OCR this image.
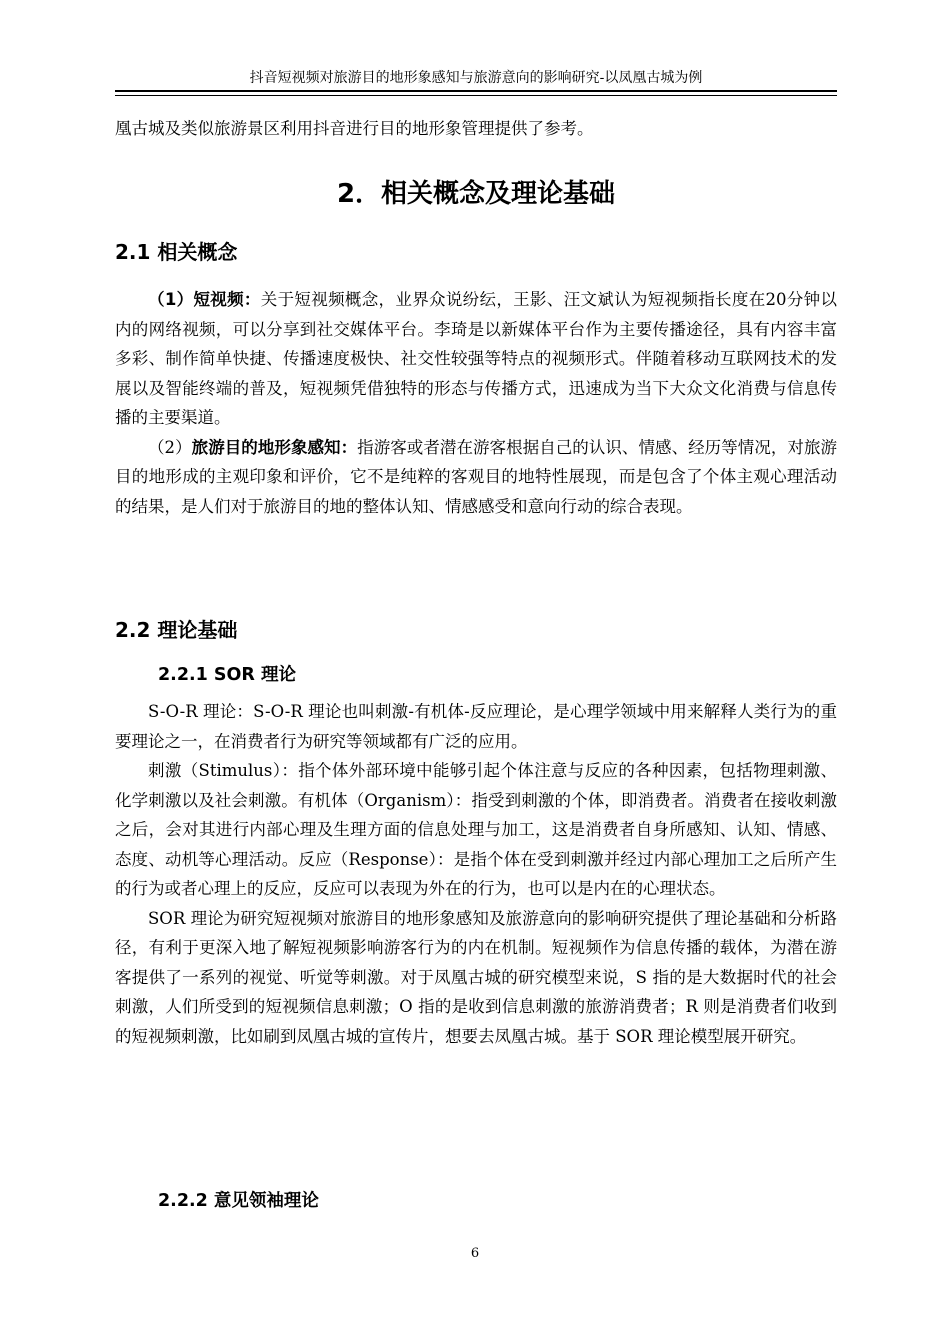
抖音短视频对旅游目的地形象感知与旅游意向的影响研究-以凤凰古城为例

凰古城及类似旅游景区利用抖音进行目的地形象管理提供了参考。

2．相关概念及理论基础
2.1 相关概念

（1）短视频：关于短视频概念，业界众说纷纭，王影、汪文斌认为短视频指长度在20分钟以内的网络视频，可以分享到社交媒体平台。李琦是以新媒体平台作为主要传播途径，具有内容丰富多彩、制作简单快捷、传播速度极快、社交性较强等特点的视频形式。伴随着移动互联网技术的发展以及智能终端的普及，短视频凭借独特的形态与传播方式，迅速成为当下大众文化消费与信息传播的主要渠道。

（2）旅游目的地形象感知：指游客或者潜在游客根据自己的认识、情感、经历等情况，对旅游目的地形成的主观印象和评价，它不是纯粹的客观目的地特性展现，而是包含了个体主观心理活动的结果，是人们对于旅游目的地的整体认知、情感感受和意向行动的综合表现。

2.2 理论基础
2.2.1 SOR 理论

S-O-R 理论：S-O-R 理论也叫刺激-有机体-反应理论，是心理学领域中用来解释人类行为的重要理论之一，在消费者行为研究等领域都有广泛的应用。

刺激（Stimulus）：指个体外部环境中能够引起个体注意与反应的各种因素，包括物理刺激、化学刺激以及社会刺激。有机体（Organism）：指受到刺激的个体，即消费者。消费者在接收刺激之后，会对其进行内部心理及生理方面的信息处理与加工，这是消费者自身所感知、认知、情感、态度、动机等心理活动。反应（Response）：是指个体在受到刺激并经过内部心理加工之后所产生的行为或者心理上的反应，反应可以表现为外在的行为，也可以是内在的心理状态。

SOR 理论为研究短视频对旅游目的地形象感知及旅游意向的影响研究提供了理论基础和分析路径，有利于更深入地了解短视频影响游客行为的内在机制。短视频作为信息传播的载体，为潜在游客提供了一系列的视觉、听觉等刺激。对于凤凰古城的研究模型来说，S 指的是大数据时代的社会刺激，人们所受到的短视频信息刺激；O 指的是收到信息刺激的旅游消费者；R 则是消费者们收到的短视频刺激，比如刷到凤凰古城的宣传片，想要去凤凰古城。基于 SOR 理论模型展开研究。

2.2.2 意见领袖理论
6
